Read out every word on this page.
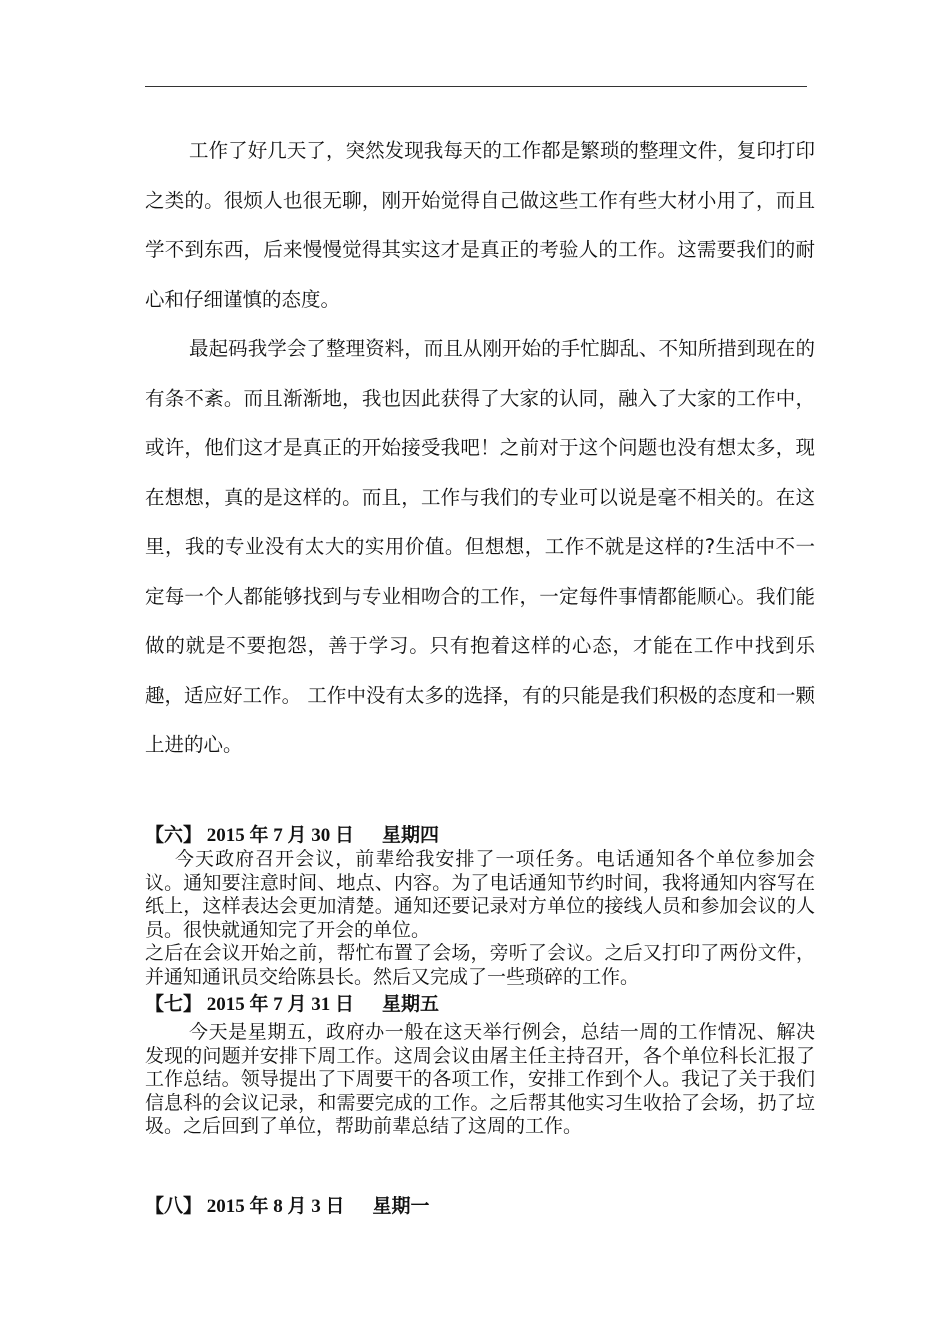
工作了好几天了，突然发现我每天的工作都是繁琐的整理文件，复印打印之类的。很烦人也很无聊，刚开始觉得自己做这些工作有些大材小用了，而且学不到东西，后来慢慢觉得其实这才是真正的考验人的工作。这需要我们的耐心和仔细谨慎的态度。

最起码我学会了整理资料，而且从刚开始的手忙脚乱、不知所措到现在的有条不紊。而且渐渐地，我也因此获得了大家的认同，融入了大家的工作中，或许，他们这才是真正的开始接受我吧！之前对于这个问题也没有想太多，现在想想，真的是这样的。而且，工作与我们的专业可以说是毫不相关的。在这里，我的专业没有太大的实用价值。但想想，工作不就是这样的?生活中不一定每一个人都能够找到与专业相吻合的工作，一定每件事情都能顺心。我们能做的就是不要抱怨，善于学习。只有抱着这样的心态，才能在工作中找到乐趣，适应好工作。 工作中没有太多的选择，有的只能是我们积极的态度和一颗上进的心。

【六】 2015 年 7 月 30 日 星期四

今天政府召开会议，前辈给我安排了一项任务。电话通知各个单位参加会议。通知要注意时间、地点、内容。为了电话通知节约时间，我将通知内容写在纸上，这样表达会更加清楚。通知还要记录对方单位的接线人员和参加会议的人员。很快就通知完了开会的单位。

之后在会议开始之前，帮忙布置了会场，旁听了会议。之后又打印了两份文件，并通知通讯员交给陈县长。然后又完成了一些琐碎的工作。

【七】 2015 年 7 月 31 日 星期五

今天是星期五，政府办一般在这天举行例会，总结一周的工作情况、解决发现的问题并安排下周工作。这周会议由屠主任主持召开，各个单位科长汇报了工作总结。领导提出了下周要干的各项工作，安排工作到个人。我记了关于我们信息科的会议记录，和需要完成的工作。之后帮其他实习生收拾了会场，扔了垃圾。之后回到了单位，帮助前辈总结了这周的工作。

【八】 2015 年 8 月 3 日 星期一
